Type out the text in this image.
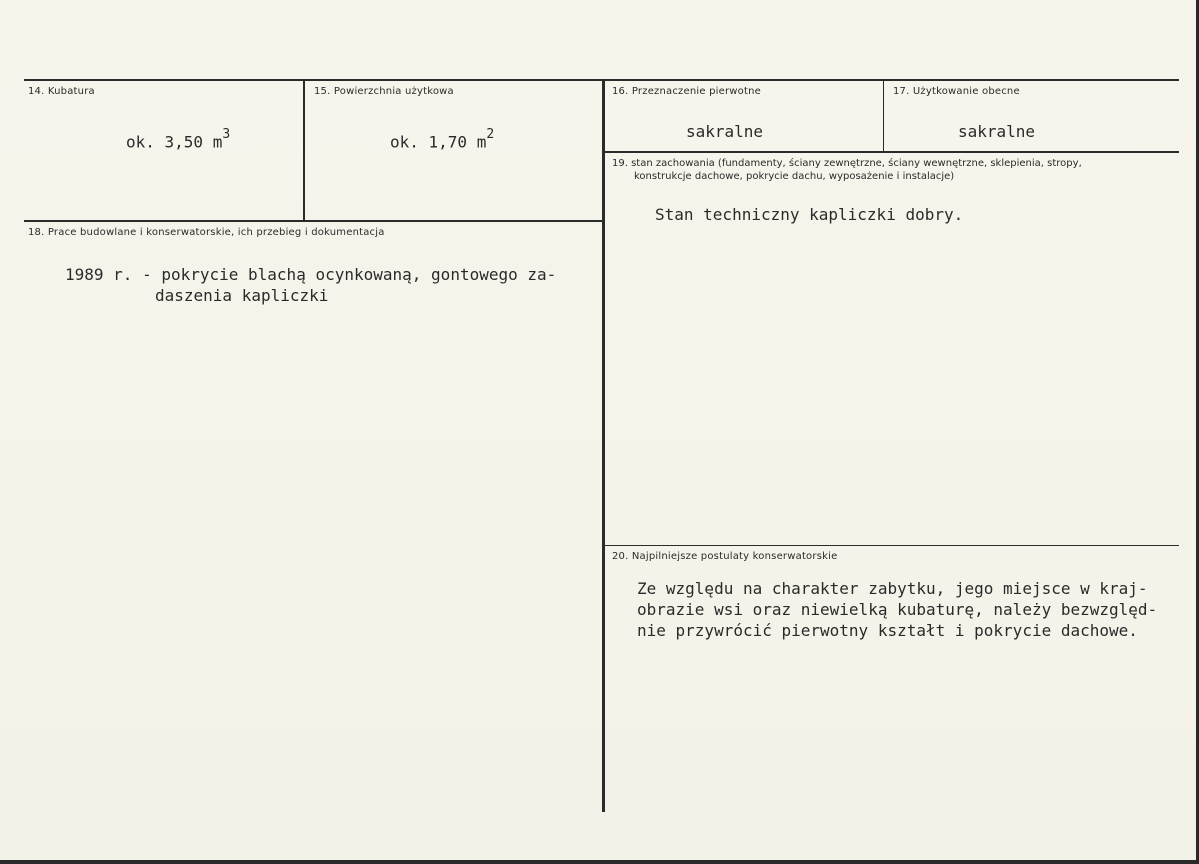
14. Kubatura
ok. 3,50 $m^3$
15. Powierzchnia użytkowa
ok. 1,70 $m^2$
16. Przeznaczenie pierwotne
sakralne
17. Użytkowanie obecne
sakralne
19. stan zachowania (fundamenty, ściany zewnętrzne, ściany wewnętrzne, sklepienia, stropy,
konstrukcje dachowe, pokrycie dachu, wyposażenie i instalacje)
Stan techniczny kapliczki dobry.
18. Prace budowlane i konserwatorskie, ich przebieg i dokumentacja
1989 r. - pokrycie blachą ocynkowaną, gontowego za-
daszenia kapliczki
20. Najpilniejsze postulaty konserwatorskie
Ze względu na charakter zabytku, jego miejsce w kraj-
obrazie wsi oraz niewielką kubaturę, należy bezwzględ-
nie przywrócić pierwotny kształt i pokrycie dachowe.
